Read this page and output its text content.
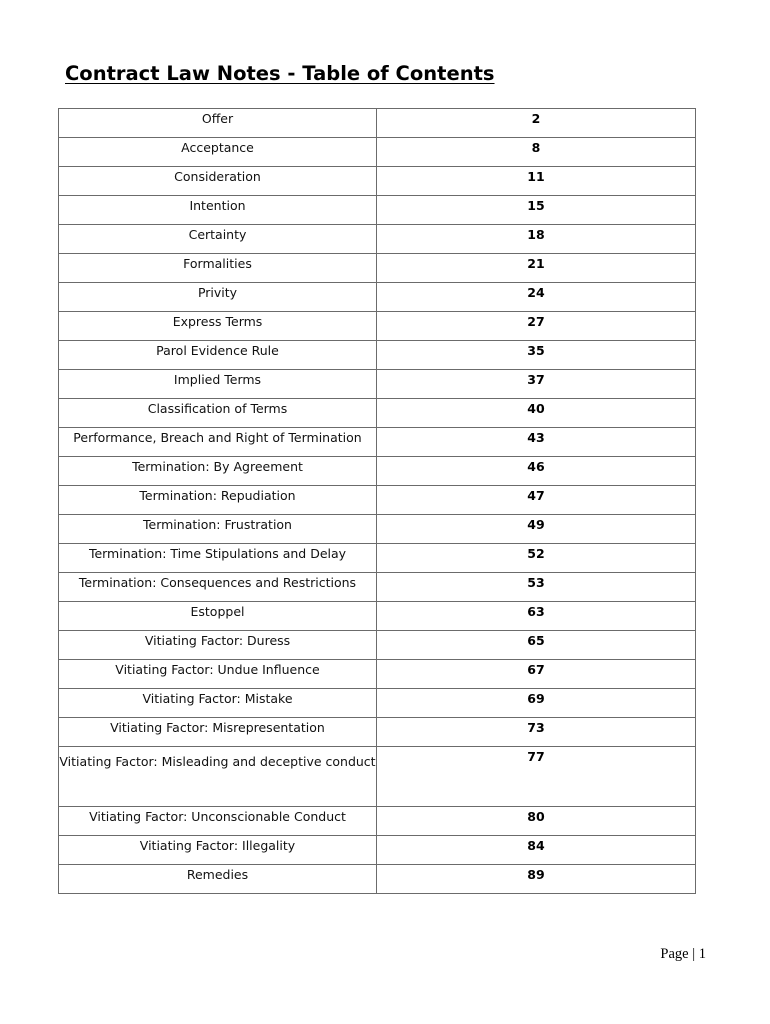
Contract Law Notes - Table of Contents
Offer	2
Acceptance	8
Consideration	11
Intention	15
Certainty	18
Formalities	21
Privity	24
Express Terms	27
Parol Evidence Rule	35
Implied Terms	37
Classification of Terms	40
Performance, Breach and Right of Termination	43
Termination: By Agreement	46
Termination: Repudiation	47
Termination: Frustration	49
Termination: Time Stipulations and Delay	52
Termination: Consequences and Restrictions	53
Estoppel	63
Vitiating Factor: Duress	65
Vitiating Factor: Undue Influence	67
Vitiating Factor: Mistake	69
Vitiating Factor: Misrepresentation	73
Vitiating Factor: Misleading and deceptive conduct	77
Vitiating Factor: Unconscionable Conduct	80
Vitiating Factor: Illegality	84
Remedies	89
Page | 1
